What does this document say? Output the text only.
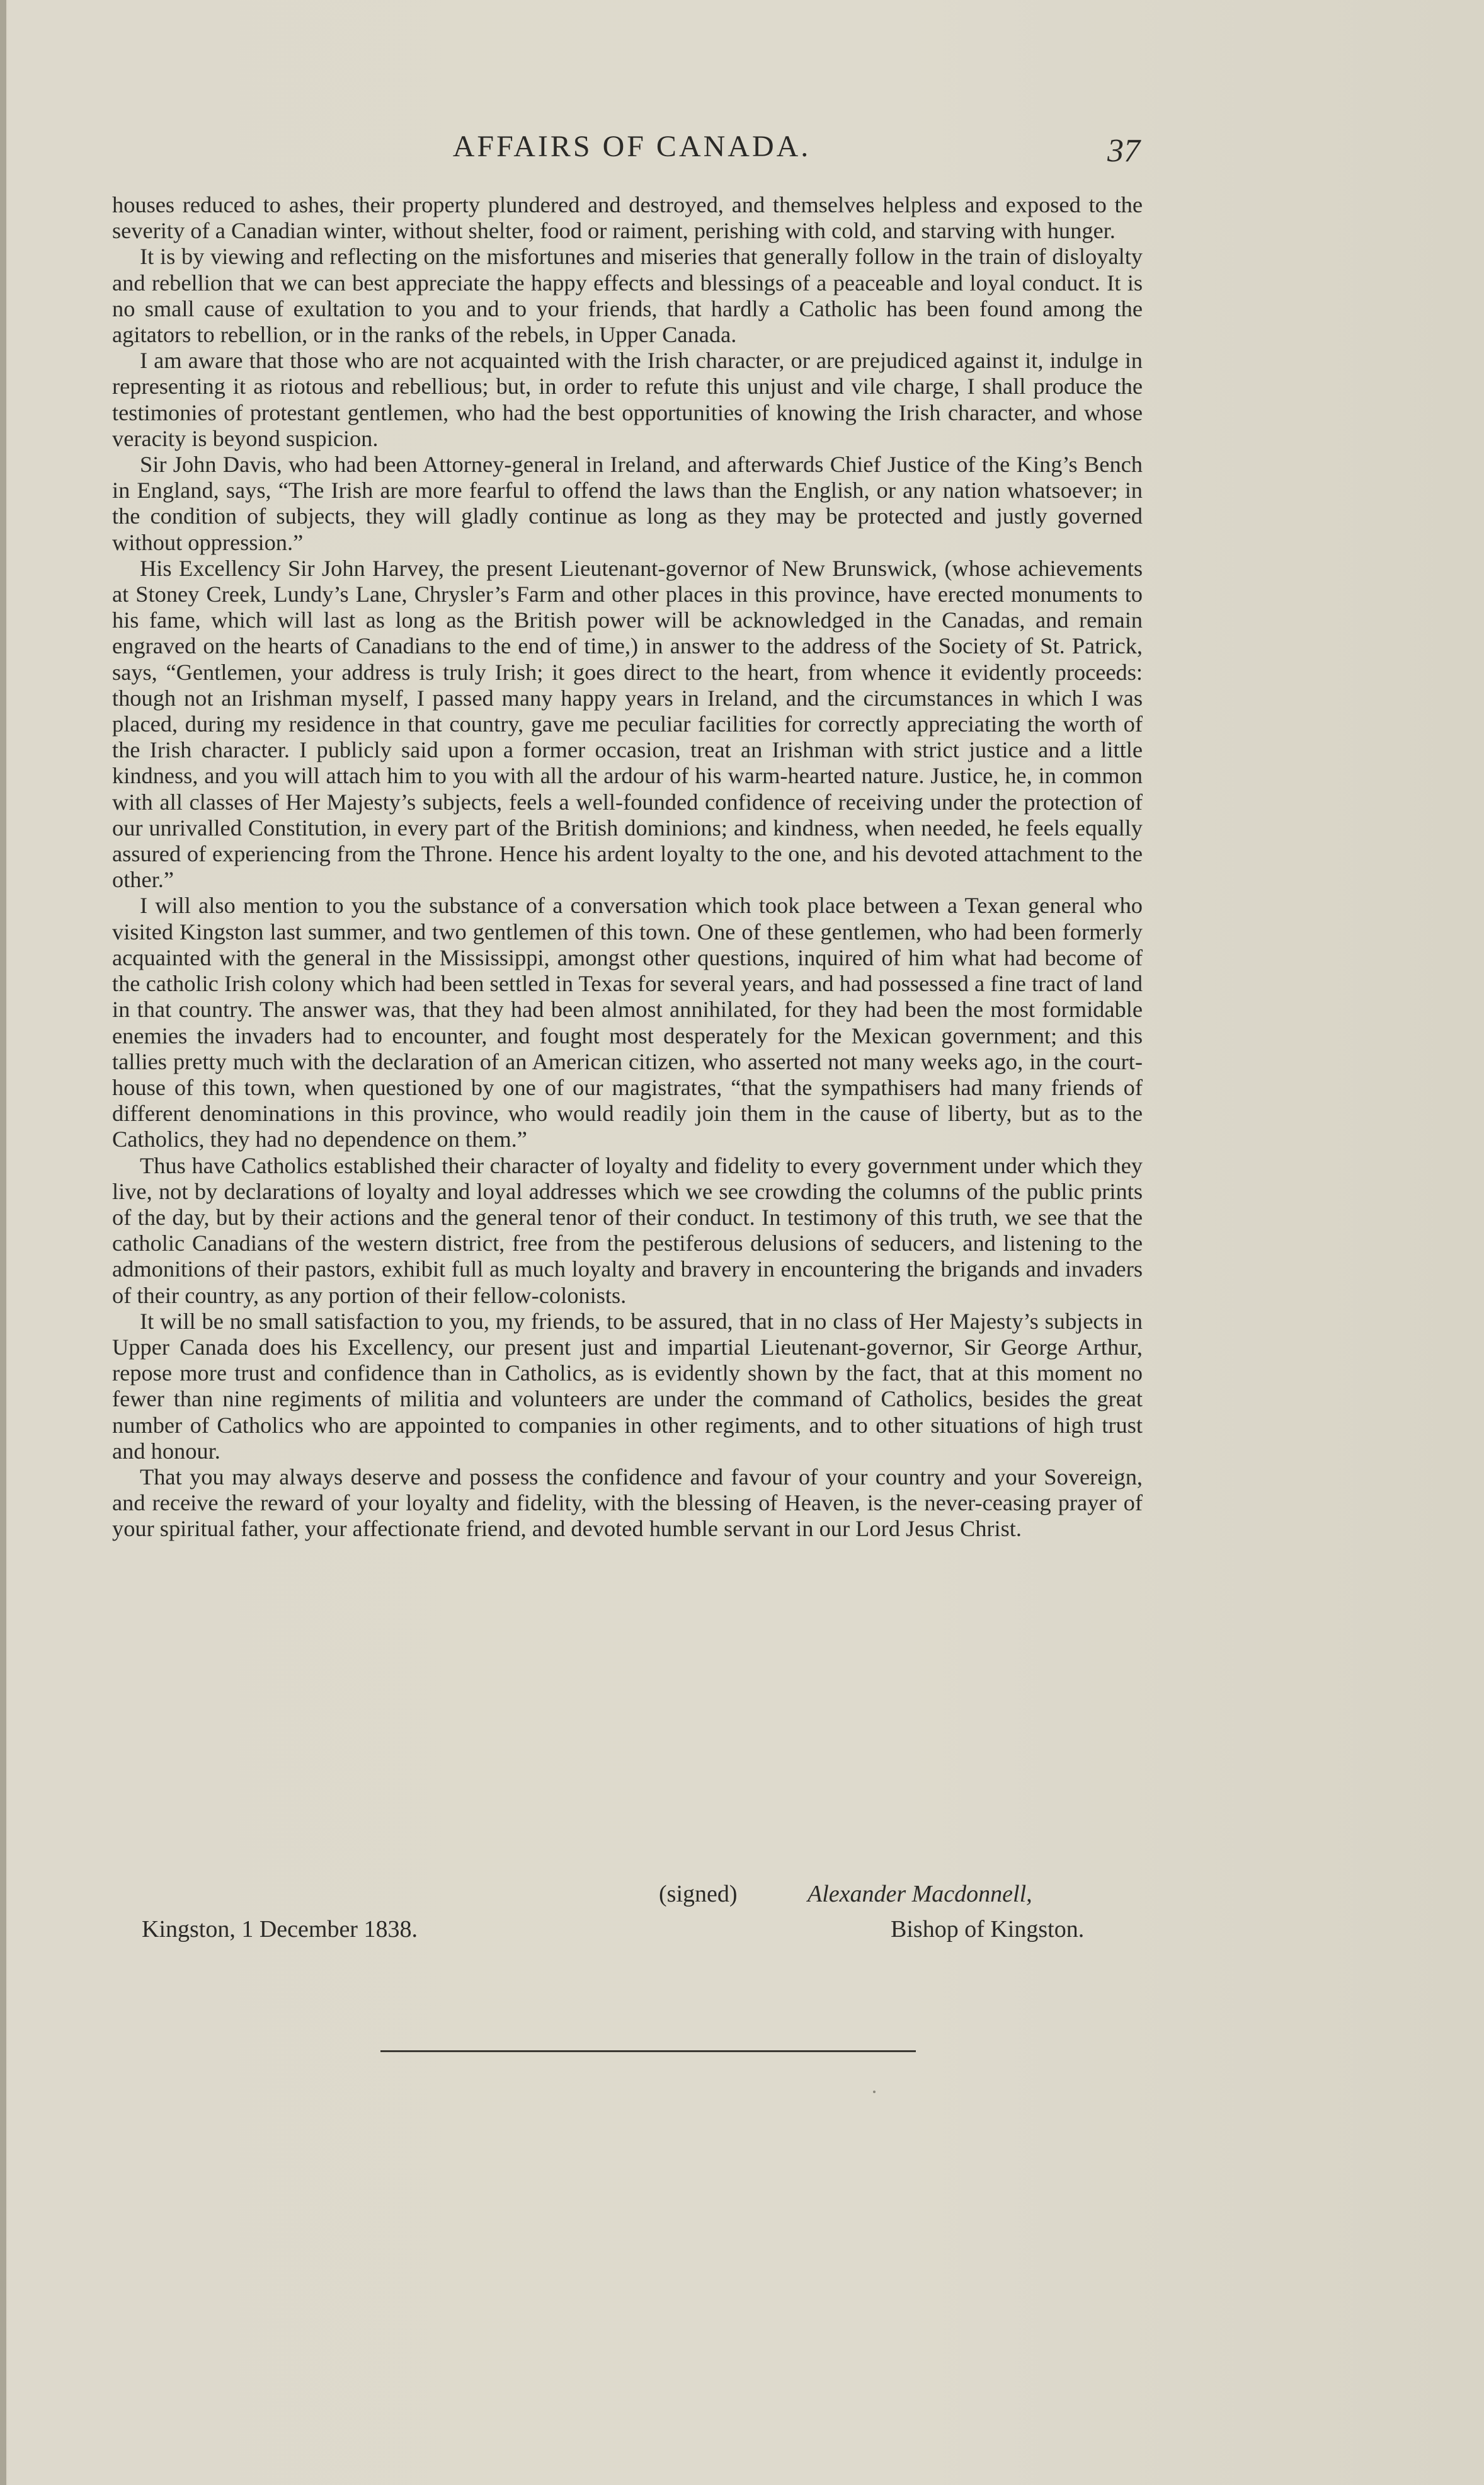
AFFAIRS OF CANADA.	37

houses reduced to ashes, their property plundered and destroyed, and themselves helpless and exposed to the severity of a Canadian winter, without shelter, food or raiment, perishing with cold, and starving with hunger.

It is by viewing and reflecting on the misfortunes and miseries that generally follow in the train of disloyalty and rebellion that we can best appreciate the happy effects and blessings of a peaceable and loyal conduct. It is no small cause of exultation to you and to your friends, that hardly a Catholic has been found among the agitators to rebellion, or in the ranks of the rebels, in Upper Canada.

I am aware that those who are not acquainted with the Irish character, or are prejudiced against it, indulge in representing it as riotous and rebellious; but, in order to refute this unjust and vile charge, I shall produce the testimonies of protestant gentlemen, who had the best opportunities of knowing the Irish character, and whose veracity is beyond suspicion.

Sir John Davis, who had been Attorney-general in Ireland, and afterwards Chief Justice of the King’s Bench in England, says, “The Irish are more fearful to offend the laws than the English, or any nation whatsoever; in the condition of subjects, they will gladly continue as long as they may be protected and justly governed without oppression.”

His Excellency Sir John Harvey, the present Lieutenant-governor of New Brunswick, (whose achievements at Stoney Creek, Lundy’s Lane, Chrysler’s Farm and other places in this province, have erected monuments to his fame, which will last as long as the British power will be acknowledged in the Canadas, and remain engraved on the hearts of Canadians to the end of time,) in answer to the address of the Society of St. Patrick, says, “Gentlemen, your address is truly Irish; it goes direct to the heart, from whence it evidently proceeds: though not an Irishman myself, I passed many happy years in Ireland, and the circumstances in which I was placed, during my residence in that country, gave me peculiar facilities for correctly appreciating the worth of the Irish character. I publicly said upon a former occasion, treat an Irishman with strict justice and a little kindness, and you will attach him to you with all the ardour of his warm-hearted nature. Justice, he, in common with all classes of Her Majesty’s subjects, feels a well-founded confidence of receiving under the protection of our unrivalled Constitution, in every part of the British dominions; and kindness, when needed, he feels equally assured of experiencing from the Throne. Hence his ardent loyalty to the one, and his devoted attachment to the other.”

I will also mention to you the substance of a conversation which took place between a Texan general who visited Kingston last summer, and two gentlemen of this town. One of these gentlemen, who had been formerly acquainted with the general in the Mississippi, amongst other questions, inquired of him what had become of the catholic Irish colony which had been settled in Texas for several years, and had possessed a fine tract of land in that country. The answer was, that they had been almost annihilated, for they had been the most formidable enemies the invaders had to encounter, and fought most desperately for the Mexican government; and this tallies pretty much with the declaration of an American citizen, who asserted not many weeks ago, in the court-house of this town, when questioned by one of our magistrates, “that the sympathisers had many friends of different denominations in this province, who would readily join them in the cause of liberty, but as to the Catholics, they had no dependence on them.”

Thus have Catholics established their character of loyalty and fidelity to every government under which they live, not by declarations of loyalty and loyal addresses which we see crowding the columns of the public prints of the day, but by their actions and the general tenor of their conduct. In testimony of this truth, we see that the catholic Canadians of the western district, free from the pestiferous delusions of seducers, and listening to the admonitions of their pastors, exhibit full as much loyalty and bravery in encountering the brigands and invaders of their country, as any portion of their fellow-colonists.

It will be no small satisfaction to you, my friends, to be assured, that in no class of Her Majesty’s subjects in Upper Canada does his Excellency, our present just and impartial Lieutenant-governor, Sir George Arthur, repose more trust and confidence than in Catholics, as is evidently shown by the fact, that at this moment no fewer than nine regiments of militia and volunteers are under the command of Catholics, besides the great number of Catholics who are appointed to companies in other regiments, and to other situations of high trust and honour.

That you may always deserve and possess the confidence and favour of your country and your Sovereign, and receive the reward of your loyalty and fidelity, with the blessing of Heaven, is the never-ceasing prayer of your spiritual father, your affectionate friend, and devoted humble servant in our Lord Jesus Christ.

(signed)	Alexander Macdonnell,
Kingston, 1 December 1838.	Bishop of Kingston.
